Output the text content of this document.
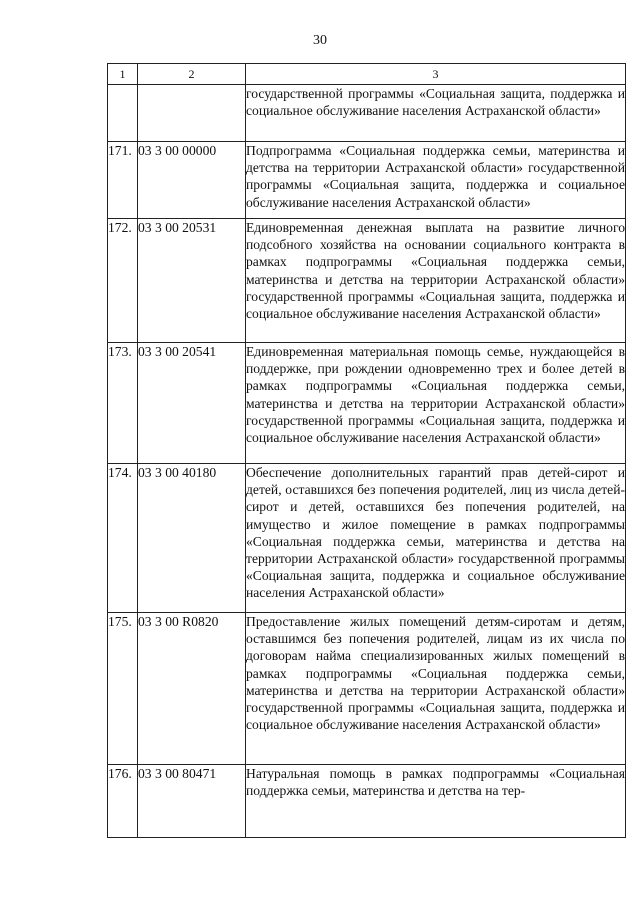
30
1	2	3
		государственной программы «Социальная защита, поддержка и социальное обслуживание населения Астраханской области»
171.	03 3 00 00000	Подпрограмма «Социальная поддержка семьи, материнства и детства на территории Астраханской области» государственной программы «Социальная защита, поддержка и социальное обслуживание населения Астраханской области»
172.	03 3 00 20531	Единовременная денежная выплата на развитие личного подсобного хозяйства на основании социального контракта в рамках подпрограммы «Социальная поддержка семьи, материнства и детства на территории Астраханской области» государственной программы «Социальная защита, поддержка и социальное обслуживание населения Астраханской области»
173.	03 3 00 20541	Единовременная материальная помощь семье, нуждающейся в поддержке, при рождении одновременно трех и более детей в рамках подпрограммы «Социальная поддержка семьи, материнства и детства на территории Астраханской области» государственной программы «Социальная защита, поддержка и социальное обслуживание населения Астраханской области»
174.	03 3 00 40180	Обеспечение дополнительных гарантий прав детей-сирот и детей, оставшихся без попечения родителей, лиц из числа детей-сирот и детей, оставшихся без попечения родителей, на имущество и жилое помещение в рамках подпрограммы «Социальная поддержка семьи, материнства и детства на территории Астраханской области» государственной программы «Социальная защита, поддержка и социальное обслуживание населения Астраханской области»
175.	03 3 00 R0820	Предоставление жилых помещений детям-сиротам и детям, оставшимся без попечения родителей, лицам из их числа по договорам найма специализированных жилых помещений в рамках подпрограммы «Социальная поддержка семьи, материнства и детства на территории Астраханской области» государственной программы «Социальная защита, поддержка и социальное обслуживание населения Астраханской области»
176.	03 3 00 80471	Натуральная помощь в рамках подпрограммы «Социальная поддержка семьи, материнства и детства на тер-
